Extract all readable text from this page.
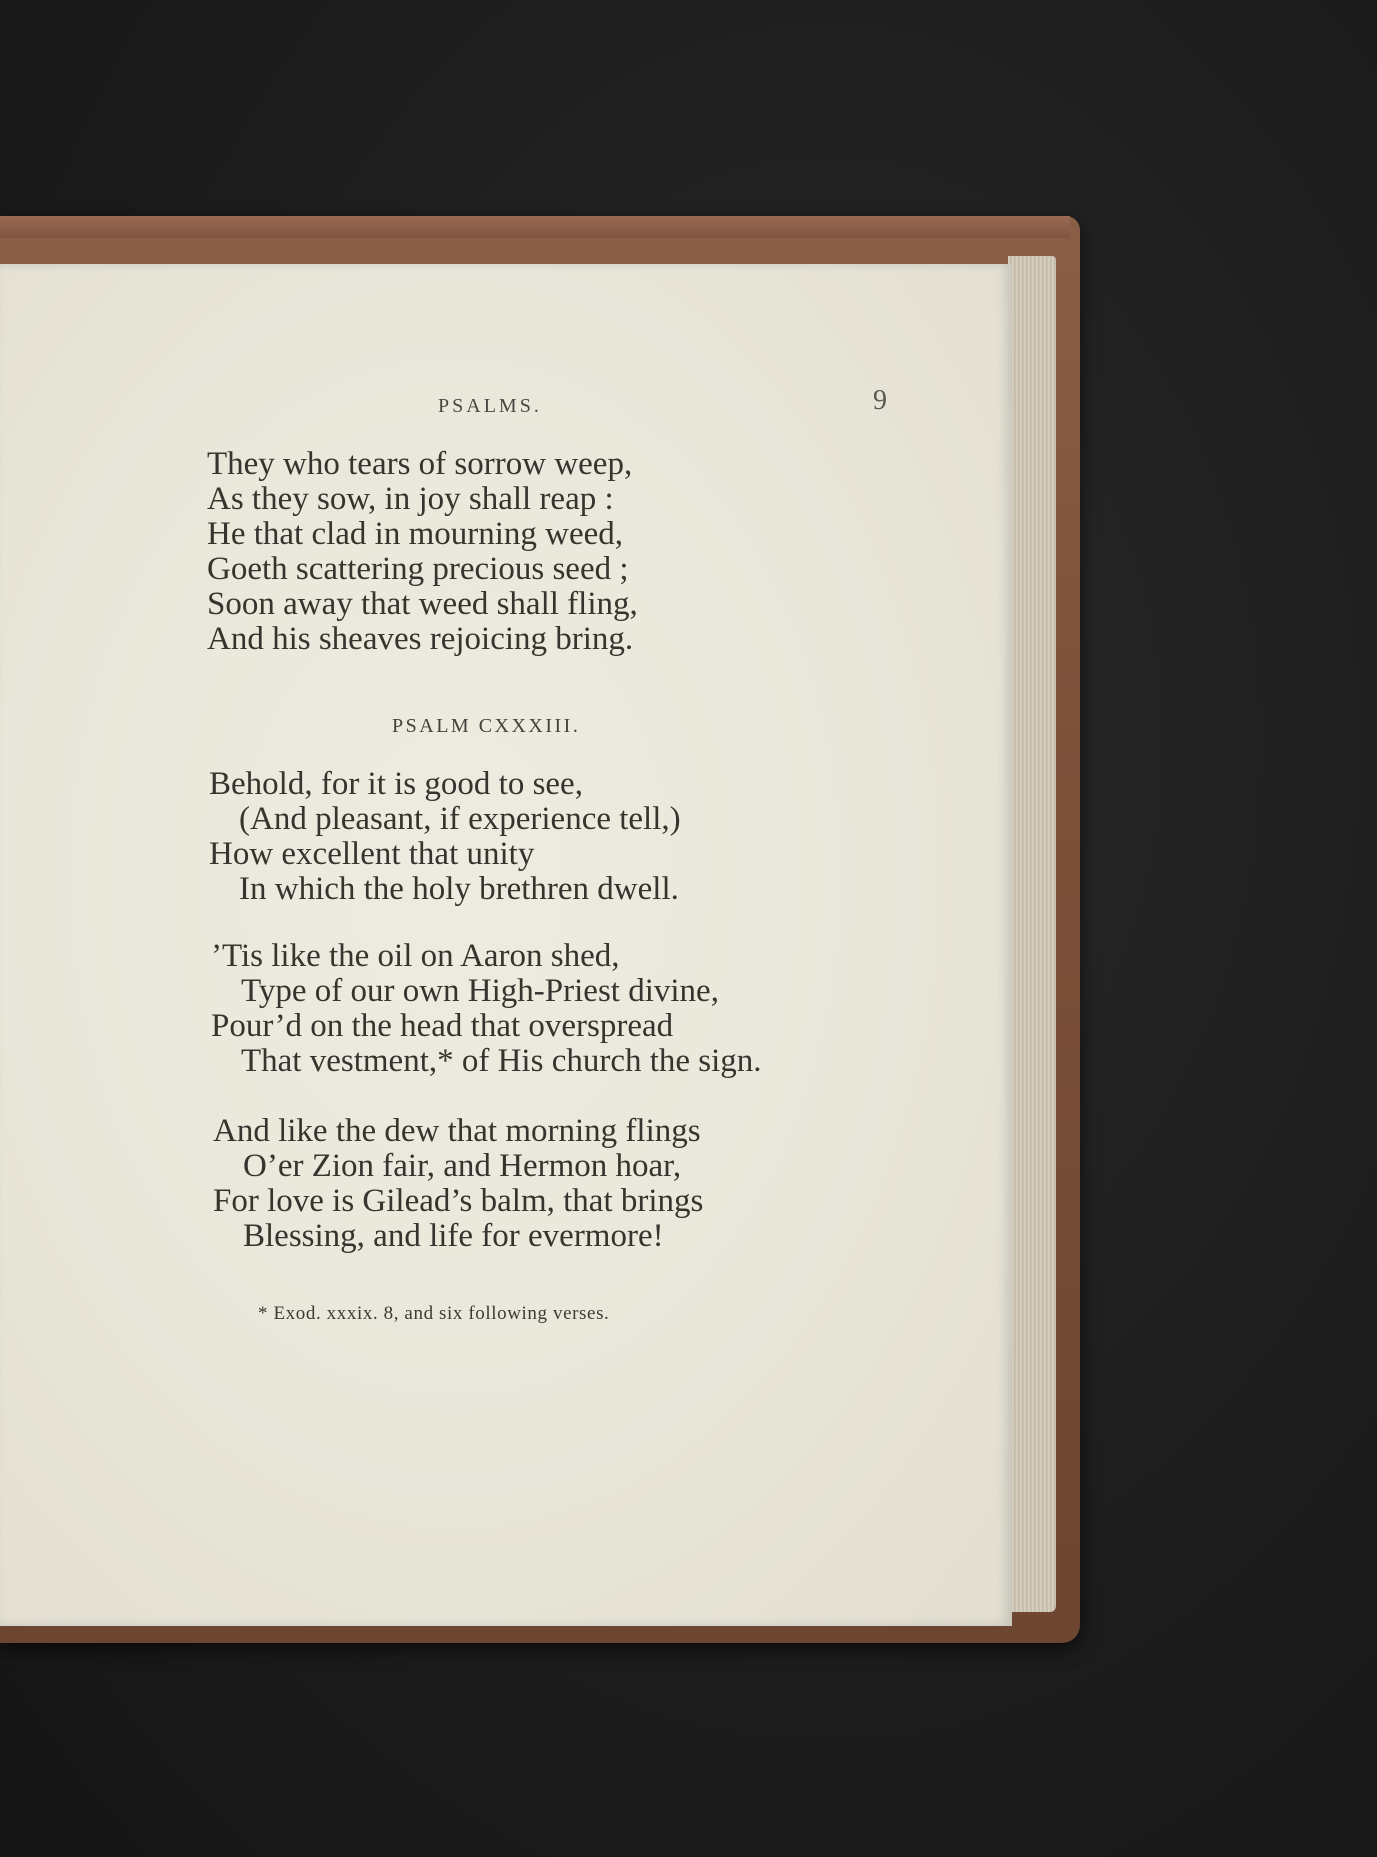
PSALMS.	9
They who tears of sorrow weep,
As they sow, in joy shall reap :
He that clad in mourning weed,
Goeth scattering precious seed ;
Soon away that weed shall fling,
And his sheaves rejoicing bring.
PSALM CXXXIII.
Behold, for it is good to see,
(And pleasant, if experience tell,)
How excellent that unity
In which the holy brethren dwell.
’Tis like the oil on Aaron shed,
Type of our own High-Priest divine,
Pour’d on the head that overspread
That vestment,* of His church the sign.
And like the dew that morning flings
O’er Zion fair, and Hermon hoar,
For love is Gilead’s balm, that brings
Blessing, and life for evermore!
* Exod. xxxix. 8, and six following verses.
